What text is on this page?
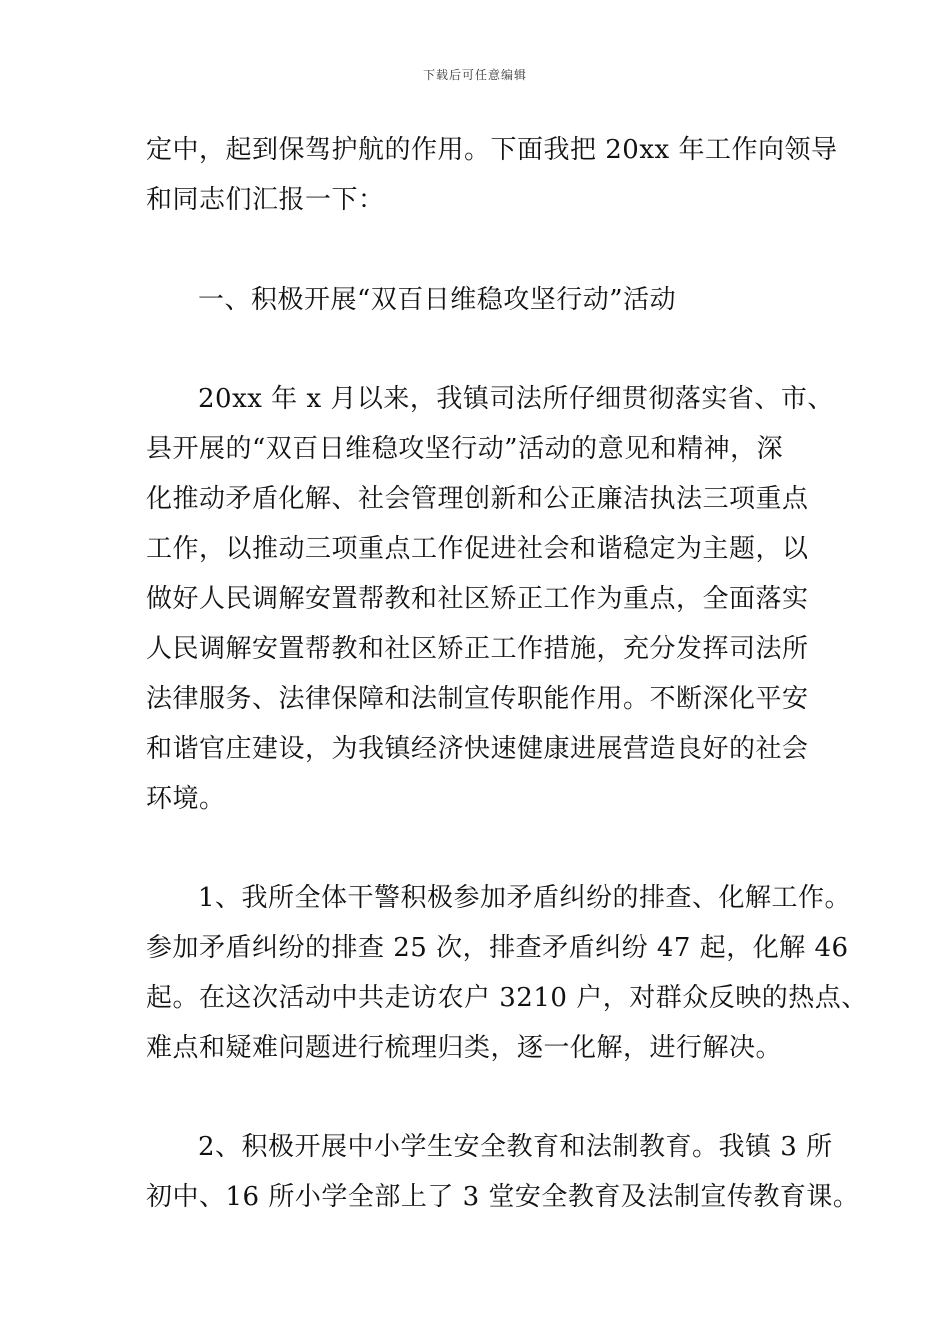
下载后可任意编辑
定中，起到保驾护航的作用。下面我把 20xx 年工作向领导
和同志们汇报一下：
一、积极开展“双百日维稳攻坚行动”活动
20xx 年 x 月以来，我镇司法所仔细贯彻落实省、市、
县开展的“双百日维稳攻坚行动”活动的意见和精神，深
化推动矛盾化解、社会管理创新和公正廉洁执法三项重点
工作，以推动三项重点工作促进社会和谐稳定为主题，以
做好人民调解安置帮教和社区矫正工作为重点，全面落实
人民调解安置帮教和社区矫正工作措施，充分发挥司法所
法律服务、法律保障和法制宣传职能作用。不断深化平安
和谐官庄建设，为我镇经济快速健康进展营造良好的社会
环境。
1、我所全体干警积极参加矛盾纠纷的排查、化解工作。
参加矛盾纠纷的排查 25 次，排查矛盾纠纷 47 起，化解 46
起。在这次活动中共走访农户 3210 户，对群众反映的热点、
难点和疑难问题进行梳理归类，逐一化解，进行解决。
2、积极开展中小学生安全教育和法制教育。我镇 3 所
初中、16 所小学全部上了 3 堂安全教育及法制宣传教育课。
